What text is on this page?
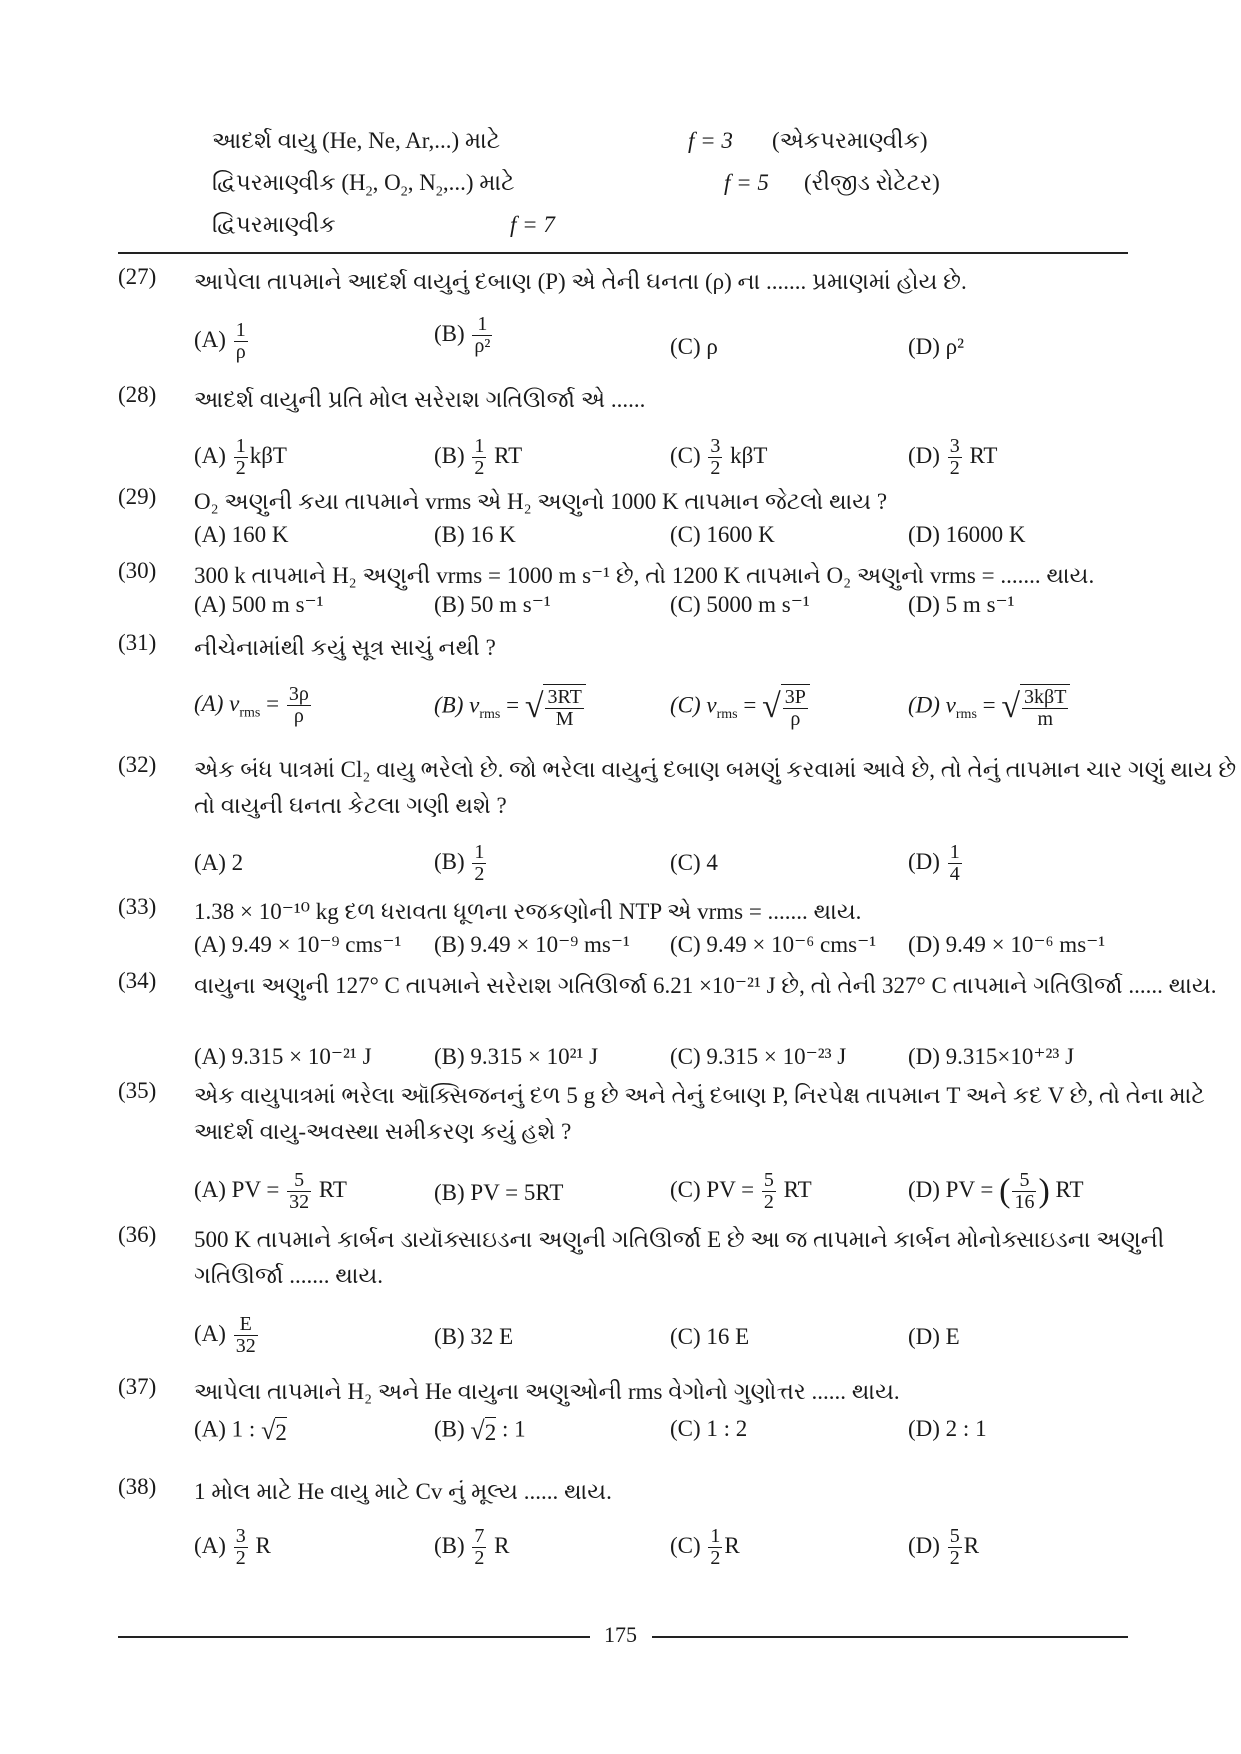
આદર્શ વાયુ (He, Ne, Ar,...) માટે	f = 3 (એકપરમાણ્વીક)
દ્વિપરમાણ્વીક ($H_2$, $O_2$, $N_2$,...) માટે	f = 5 (રીજીડ રોટેટર)
દ્વિપરમાણ્વીક	f = 7
(27)	આપેલા તાપમાને આદર્શ વાયુનું દબાણ (P) એ તેની ઘનતા (ρ) ના ....... પ્રમાણમાં હોય છે.
$(A) \frac{1}{\rho}$	$(B) \frac{1}{\text{ρ²}}$	(C) ρ	(D) ρ²
(28)	આદર્શ વાયુની પ્રતિ મોલ સરેરાશ ગતિઊર્જા એ ......
$(A) \frac{1}{2}$ kβT	$(B) \frac{1}{2}$ RT	$(C) \frac{3}{2}$ kβT	$(D) \frac{3}{2}$ RT
(29)	O₂ અણુની કયા તાપમાને vrms એ H₂ અણુનો 1000 K તાપમાન જેટલો થાય ?
(A) 160 K	(B) 16 K	(C) 1600 K	(D) 16000 K
(30)	300 k તાપમાને H₂ અણુની vrms = 1000 m s⁻¹ છે, તો 1200 K તાપમાને O₂ અણુનો vrms = ....... થાય.
(A) 500 m s⁻¹	(B) 50 m s⁻¹	(C) 5000 m s⁻¹	(D) 5 m s⁻¹
(31)	નીચેનામાંથી કયું સૂત્ર સાચું નથી ?
(A) $v_{rms} = \frac{3\rho}{\rho}$	(B) $v_{rms}$ = √ $\frac{3RT}{M}$	(C) $v_{rms}$ = √ $\frac{3P}{\rho}$	(D) $v_{rms}$ = √ $\frac{\text{3kβT}}{m}$
(32)	એક બંધ પાત્રમાં Cl₂ વાયુ ભરેલો છે. જો ભરેલા વાયુનું દબાણ બમણું કરવામાં આવે છે, તો તેનું તાપમાન ચાર ગણું થાય છે તો વાયુની ઘનતા કેટલા ગણી થશે ?
(A) 2	$(B) \frac{1}{2}$	(C) 4	$(D) \frac{1}{4}$
(33)	1.38 × 10⁻¹⁰ kg દળ ધરાવતા ધૂળના રજકણોની NTP એ vrms = ....... થાય.
(A) 9.49 × 10⁻⁹ cms⁻¹ (B) 9.49 × 10⁻⁹ ms⁻¹ (C) 9.49 × 10⁻⁶ cms⁻¹ (D) 9.49 × 10⁻⁶ ms⁻¹
(34)	વાયુના અણુની 127° C તાપમાને સરેરાશ ગતિઊર્જા 6.21 ×10⁻²¹ J છે, તો તેની 327° C તાપમાને ગતિઊર્જા ...... થાય.
(A) 9.315 × 10⁻²¹ J	(B) 9.315 × 10²¹ J	(C) 9.315 × 10⁻²³ J	(D) 9.315×10⁺²³ J
(35)	એક વાયુપાત્રમાં ભરેલા ઑક્સિજનનું દળ 5 g છે અને તેનું દબાણ P, નિરપેક્ષ તાપમાન T અને કદ V છે, તો તેના માટે આદર્શ વાયુ-અવસ્થા સમીકરણ કયું હશે ?
(A) PV = $\frac{5}{32}$ RT	(B) PV = 5RT	(C) PV = $\frac{5}{2}$ RT	(D) PV = ( $\frac{5}{16}$ ) RT
(36)	500 K તાપમાને કાર્બન ડાયૉક્સાઇડના અણુની ગતિઊર્જા E છે આ જ તાપમાને કાર્બન મોનોક્સાઇડના અણુની ગતિઊર્જા ....... થાય.
$(A) \frac{E}{32}$	(B) 32 E	(C) 16 E	(D) E
(37)	આપેલા તાપમાને H₂ અને He વાયુના અણુઓની rms વેગોનો ગુણોત્તર ...... થાય.
(A) 1 : √2	(B) √2 : 1	(C) 1 : 2	(D) 2 : 1
(38)	1 મોલ માટે He વાયુ માટે Cv નું મૂલ્ય ...... થાય.
$(A) \frac{3}{2}$ R	$(B) \frac{7}{2}$ R	$(C) \frac{1}{2}$ R	$(D) \frac{5}{2}$ R
175
